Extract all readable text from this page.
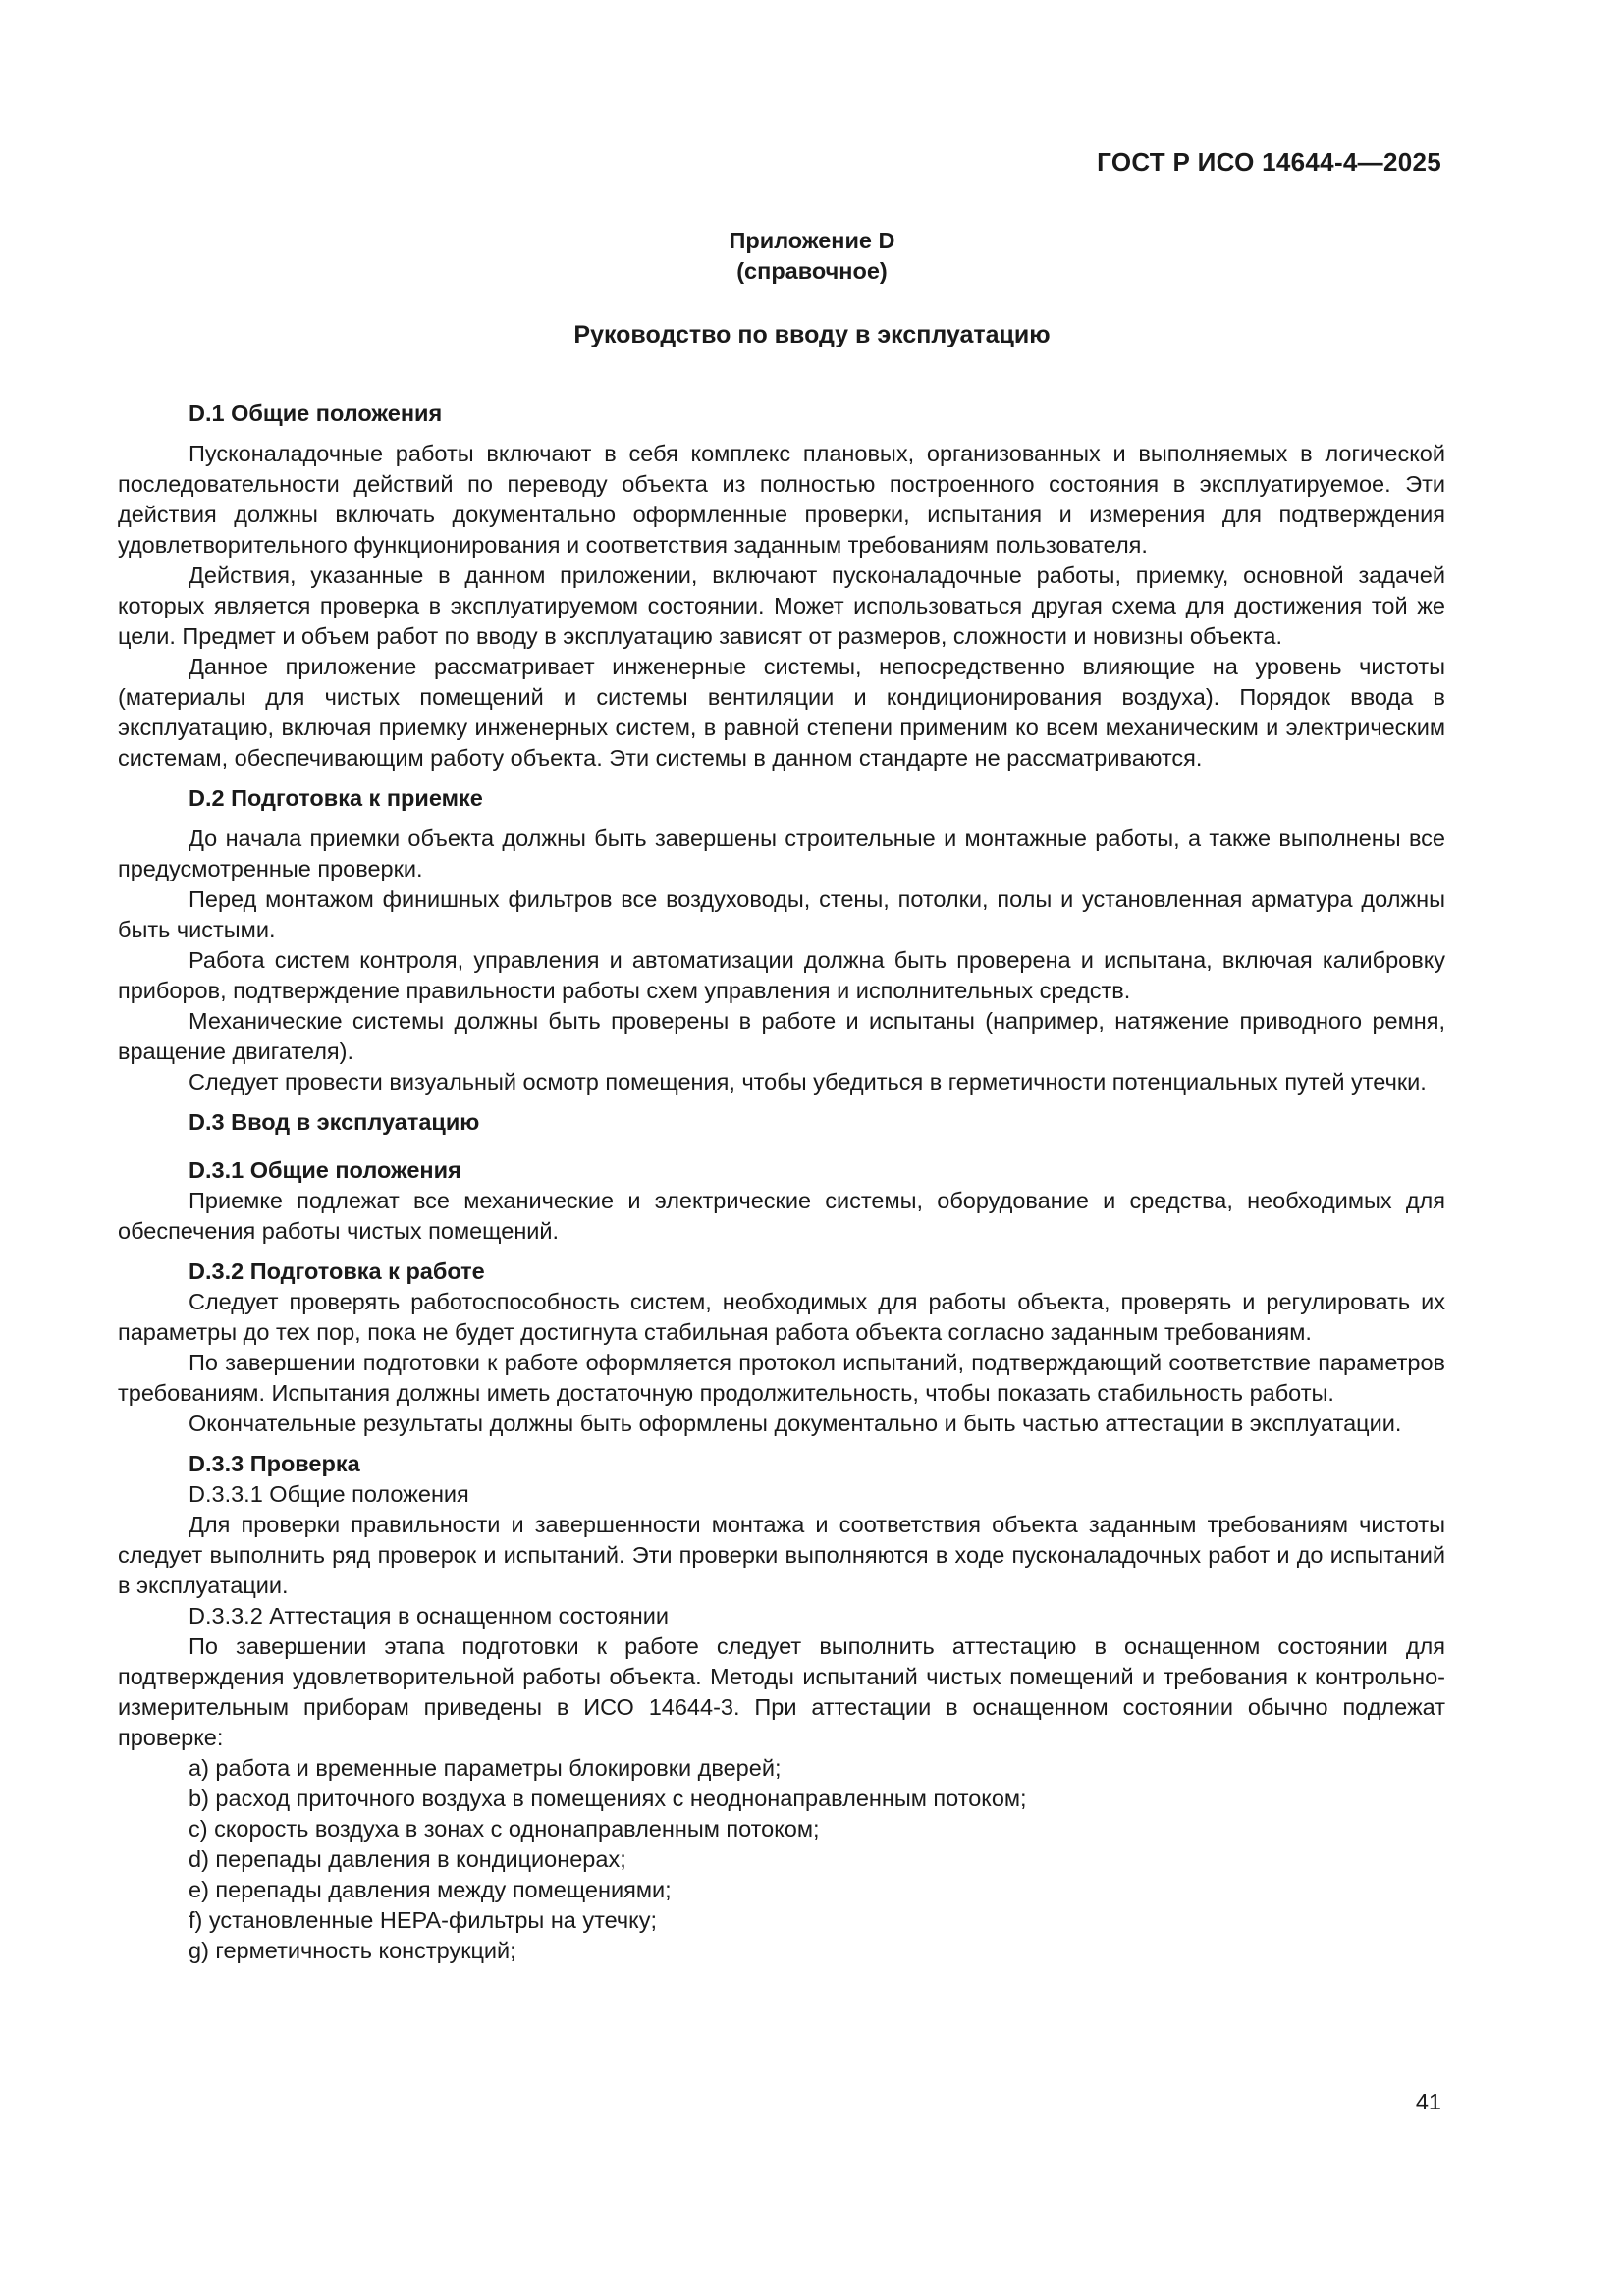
ГОСТ Р ИСО 14644-4—2025
Приложение D
(справочное)
Руководство по вводу в эксплуатацию

D.1 Общие положения

Пусконаладочные работы включают в себя комплекс плановых, организованных и выполняемых в логической последовательности действий по переводу объекта из полностью построенного состояния в эксплуатируемое. Эти действия должны включать документально оформленные проверки, испытания и измерения для подтверждения удовлетворительного функционирования и соответствия заданным требованиям пользователя.

Действия, указанные в данном приложении, включают пусконаладочные работы, приемку, основной задачей которых является проверка в эксплуатируемом состоянии. Может использоваться другая схема для достижения той же цели. Предмет и объем работ по вводу в эксплуатацию зависят от размеров, сложности и новизны объекта.

Данное приложение рассматривает инженерные системы, непосредственно влияющие на уровень чистоты (материалы для чистых помещений и системы вентиляции и кондиционирования воздуха). Порядок ввода в эксплуатацию, включая приемку инженерных систем, в равной степени применим ко всем механическим и электрическим системам, обеспечивающим работу объекта. Эти системы в данном стандарте не рассматриваются.

D.2 Подготовка к приемке

До начала приемки объекта должны быть завершены строительные и монтажные работы, а также выполнены все предусмотренные проверки.

Перед монтажом финишных фильтров все воздуховоды, стены, потолки, полы и установленная арматура должны быть чистыми.

Работа систем контроля, управления и автоматизации должна быть проверена и испытана, включая калибровку приборов, подтверждение правильности работы схем управления и исполнительных средств.

Механические системы должны быть проверены в работе и испытаны (например, натяжение приводного ремня, вращение двигателя).

Следует провести визуальный осмотр помещения, чтобы убедиться в герметичности потенциальных путей утечки.

D.3 Ввод в эксплуатацию

D.3.1 Общие положения

Приемке подлежат все механические и электрические системы, оборудование и средства, необходимых для обеспечения работы чистых помещений.

D.3.2 Подготовка к работе

Следует проверять работоспособность систем, необходимых для работы объекта, проверять и регулировать их параметры до тех пор, пока не будет достигнута стабильная работа объекта согласно заданным требованиям.

По завершении подготовки к работе оформляется протокол испытаний, подтверждающий соответствие параметров требованиям. Испытания должны иметь достаточную продолжительность, чтобы показать стабильность работы.

Окончательные результаты должны быть оформлены документально и быть частью аттестации в эксплуатации.

D.3.3 Проверка

D.3.3.1 Общие положения

Для проверки правильности и завершенности монтажа и соответствия объекта заданным требованиям чистоты следует выполнить ряд проверок и испытаний. Эти проверки выполняются в ходе пусконаладочных работ и до испытаний в эксплуатации.

D.3.3.2 Аттестация в оснащенном состоянии

По завершении этапа подготовки к работе следует выполнить аттестацию в оснащенном состоянии для подтверждения удовлетворительной работы объекта. Методы испытаний чистых помещений и требования к контрольно-измерительным приборам приведены в ИСО 14644-3. При аттестации в оснащенном состоянии обычно подлежат проверке:

a) работа и временные параметры блокировки дверей;

b) расход приточного воздуха в помещениях с неоднонаправленным потоком;

c) скорость воздуха в зонах с однонаправленным потоком;

d) перепады давления в кондиционерах;

e) перепады давления между помещениями;

f) установленные HEPA-фильтры на утечку;

g) герметичность конструкций;

41
